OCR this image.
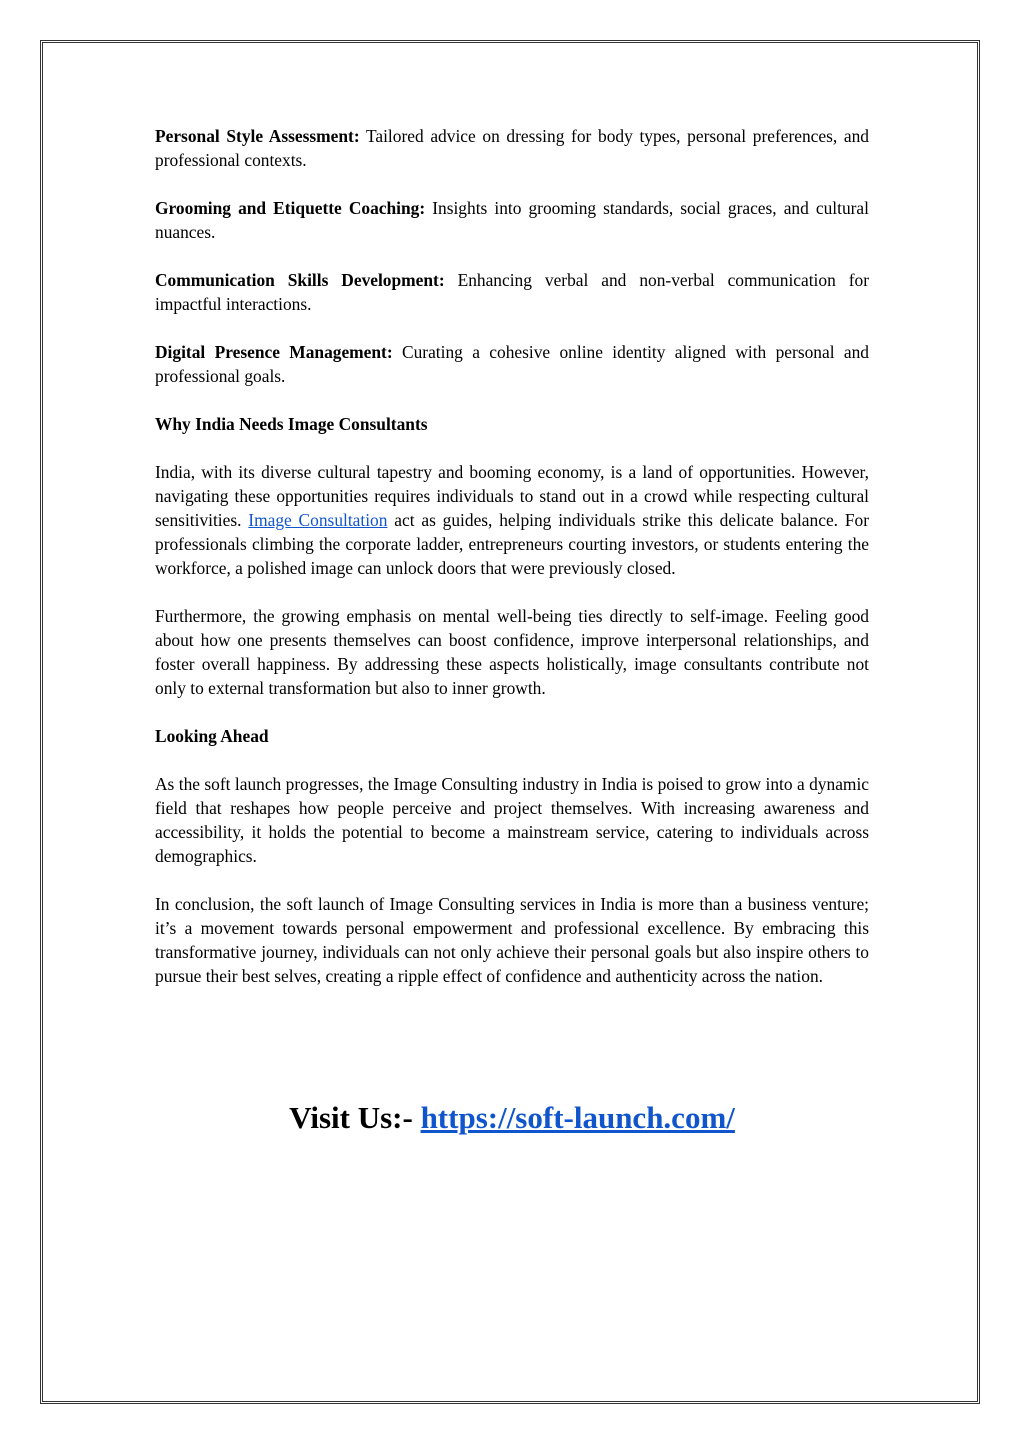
Personal Style Assessment: Tailored advice on dressing for body types, personal preferences, and professional contexts.

Grooming and Etiquette Coaching: Insights into grooming standards, social graces, and cultural nuances.

Communication Skills Development: Enhancing verbal and non-verbal communication for impactful interactions.

Digital Presence Management: Curating a cohesive online identity aligned with personal and professional goals.

Why India Needs Image Consultants

India, with its diverse cultural tapestry and booming economy, is a land of opportunities. However, navigating these opportunities requires individuals to stand out in a crowd while respecting cultural sensitivities. Image Consultation act as guides, helping individuals strike this delicate balance. For professionals climbing the corporate ladder, entrepreneurs courting investors, or students entering the workforce, a polished image can unlock doors that were previously closed.

Furthermore, the growing emphasis on mental well-being ties directly to self-image. Feeling good about how one presents themselves can boost confidence, improve interpersonal relationships, and foster overall happiness. By addressing these aspects holistically, image consultants contribute not only to external transformation but also to inner growth.

Looking Ahead

As the soft launch progresses, the Image Consulting industry in India is poised to grow into a dynamic field that reshapes how people perceive and project themselves. With increasing awareness and accessibility, it holds the potential to become a mainstream service, catering to individuals across demographics.

In conclusion, the soft launch of Image Consulting services in India is more than a business venture; it’s a movement towards personal empowerment and professional excellence. By embracing this transformative journey, individuals can not only achieve their personal goals but also inspire others to pursue their best selves, creating a ripple effect of confidence and authenticity across the nation.

Visit Us:- https://soft-launch.com/
